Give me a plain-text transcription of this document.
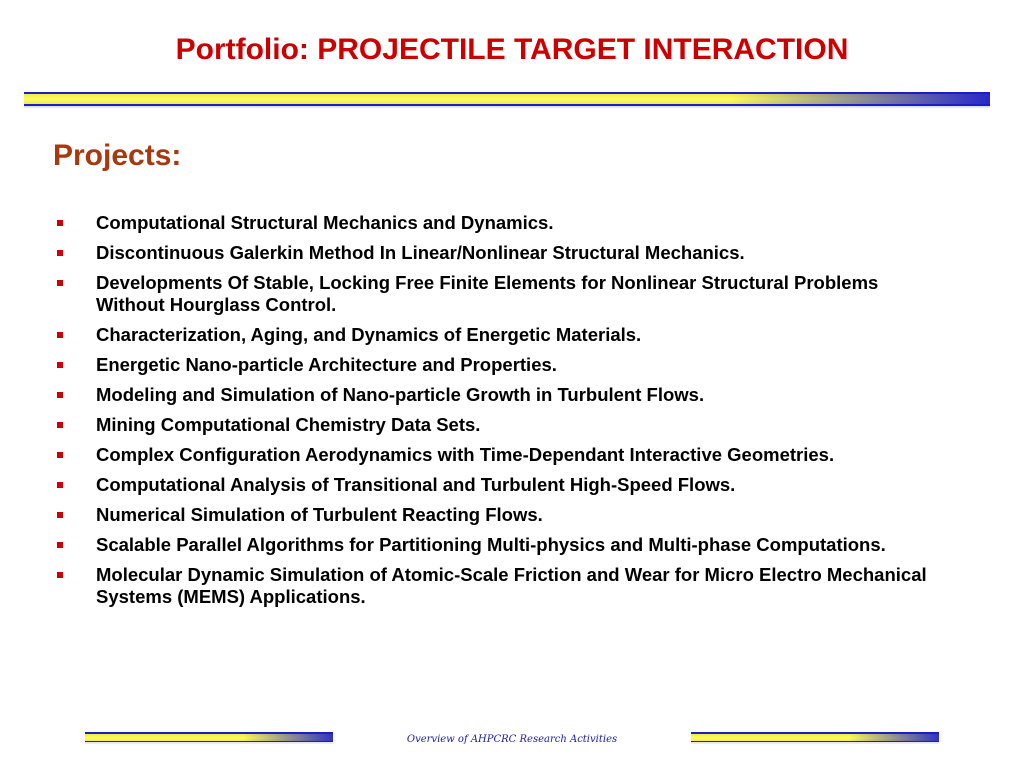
Portfolio: PROJECTILE TARGET INTERACTION
Projects:
Computational Structural Mechanics and Dynamics.
Discontinuous Galerkin Method In Linear/Nonlinear Structural Mechanics.
Developments Of Stable, Locking Free Finite Elements for Nonlinear Structural Problems Without Hourglass Control.
Characterization, Aging, and Dynamics of Energetic Materials.
Energetic Nano-particle Architecture and Properties.
Modeling and Simulation of Nano-particle Growth in Turbulent Flows.
Mining Computational Chemistry Data Sets.
Complex Configuration Aerodynamics with Time-Dependant Interactive Geometries.
Computational Analysis of Transitional and Turbulent High-Speed Flows.
Numerical Simulation of Turbulent Reacting Flows.
Scalable Parallel Algorithms for Partitioning Multi-physics and Multi-phase Computations.
Molecular Dynamic Simulation of Atomic-Scale Friction and Wear for Micro Electro Mechanical Systems (MEMS) Applications.
Overview of AHPCRC Research Activities
